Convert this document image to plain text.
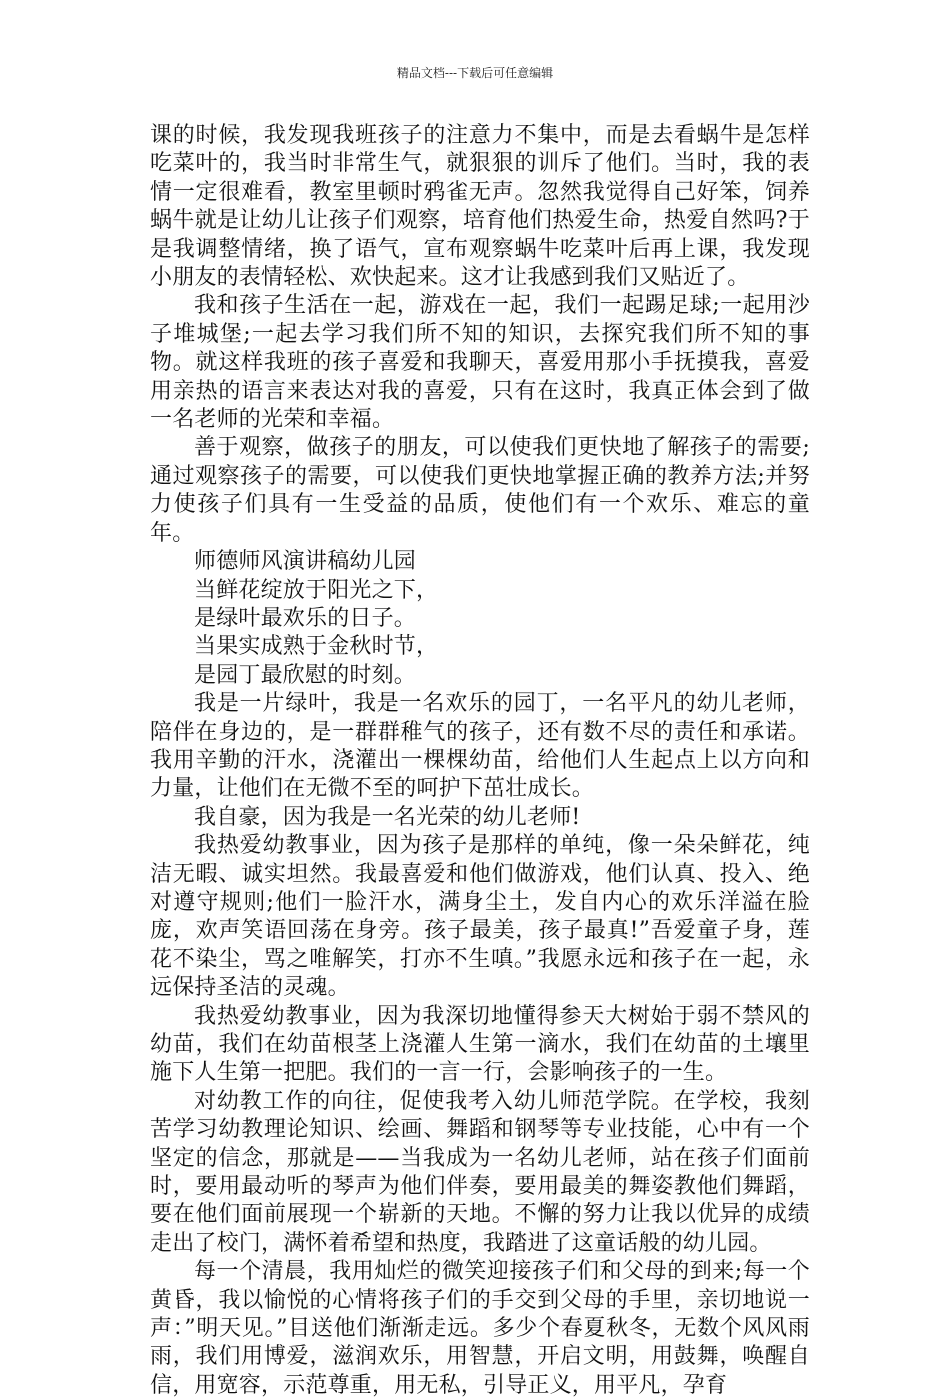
精品文档---下载后可任意编辑

课的时候，我发现我班孩子的注意力不集中，而是去看蜗牛是怎样吃菜叶的，我当时非常生气，就狠狠的训斥了他们。当时，我的表情一定很难看，教室里顿时鸦雀无声。忽然我觉得自己好笨，饲养蜗牛就是让幼儿让孩子们观察，培育他们热爱生命，热爱自然吗?于是我调整情绪，换了语气，宣布观察蜗牛吃菜叶后再上课，我发现小朋友的表情轻松、欢快起来。这才让我感到我们又贴近了。

我和孩子生活在一起，游戏在一起，我们一起踢足球;一起用沙子堆城堡;一起去学习我们所不知的知识，去探究我们所不知的事物。就这样我班的孩子喜爱和我聊天，喜爱用那小手抚摸我，喜爱用亲热的语言来表达对我的喜爱，只有在这时，我真正体会到了做一名老师的光荣和幸福。

善于观察，做孩子的朋友，可以使我们更快地了解孩子的需要;通过观察孩子的需要，可以使我们更快地掌握正确的教养方法;并努力使孩子们具有一生受益的品质，使他们有一个欢乐、难忘的童年。

师德师风演讲稿幼儿园

当鲜花绽放于阳光之下，

是绿叶最欢乐的日子。

当果实成熟于金秋时节，

是园丁最欣慰的时刻。

我是一片绿叶，我是一名欢乐的园丁，一名平凡的幼儿老师，陪伴在身边的，是一群群稚气的孩子，还有数不尽的责任和承诺。我用辛勤的汗水，浇灌出一棵棵幼苗，给他们人生起点上以方向和力量，让他们在无微不至的呵护下茁壮成长。

我自豪，因为我是一名光荣的幼儿老师!

我热爱幼教事业，因为孩子是那样的单纯，像一朵朵鲜花，纯洁无暇、诚实坦然。我最喜爱和他们做游戏，他们认真、投入、绝对遵守规则;他们一脸汗水，满身尘土，发自内心的欢乐洋溢在脸庞，欢声笑语回荡在身旁。孩子最美，孩子最真!”吾爱童子身，莲花不染尘，骂之唯解笑，打亦不生嗔。”我愿永远和孩子在一起，永远保持圣洁的灵魂。

我热爱幼教事业，因为我深切地懂得参天大树始于弱不禁风的幼苗，我们在幼苗根茎上浇灌人生第一滴水，我们在幼苗的土壤里施下人生第一把肥。我们的一言一行，会影响孩子的一生。

对幼教工作的向往，促使我考入幼儿师范学院。在学校，我刻苦学习幼教理论知识、绘画、舞蹈和钢琴等专业技能，心中有一个坚定的信念，那就是——当我成为一名幼儿老师，站在孩子们面前时，要用最动听的琴声为他们伴奏，要用最美的舞姿教他们舞蹈，要在他们面前展现一个崭新的天地。不懈的努力让我以优异的成绩走出了校门，满怀着希望和热度，我踏进了这童话般的幼儿园。

每一个清晨，我用灿烂的微笑迎接孩子们和父母的到来;每一个黄昏，我以愉悦的心情将孩子们的手交到父母的手里，亲切地说一声：”明天见。”目送他们渐渐走远。多少个春夏秋冬，无数个风风雨雨，我们用博爱，滋润欢乐，用智慧，开启文明，用鼓舞，唤醒自信，用宽容，示范尊重，用无私，引导正义，用平凡，孕育
